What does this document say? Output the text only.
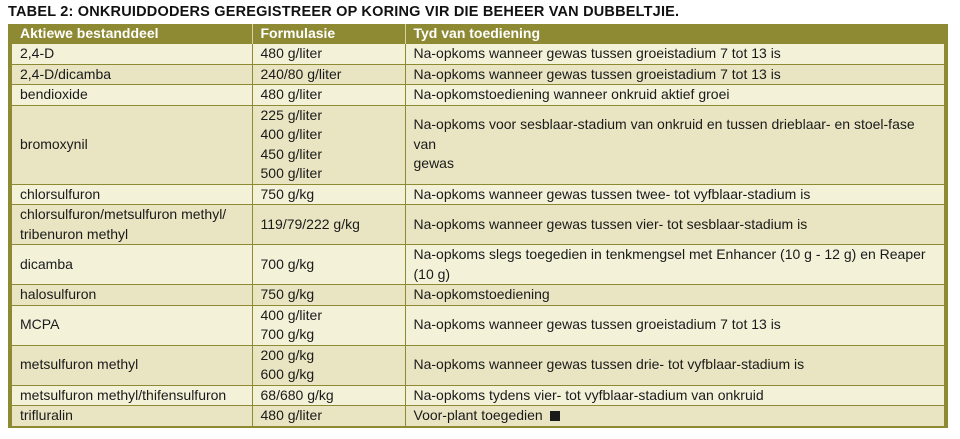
TABEL 2: ONKRUIDDODERS GEREGISTREER OP KORING VIR DIE BEHEER VAN DUBBELTJIE.
Aktiewe bestanddeel	Formulasie	Tyd van toediening

2,4-D	480 g/liter	Na-opkoms wanneer gewas tussen groeistadium 7 tot 13 is

2,4-D/dicamba	240/80 g/liter	Na-opkoms wanneer gewas tussen groeistadium 7 tot 13 is

bendioxide	480 g/liter	Na-opkomstoediening wanneer onkruid aktief groei

bromoxynil	225 g/liter
400 g/liter
450 g/liter
500 g/liter	Na-opkoms voor sesblaar-stadium van onkruid en tussen drieblaar- en stoel-fase van
gewas

chlorsulfuron	750 g/kg	Na-opkoms wanneer gewas tussen twee- tot vyfblaar-stadium is

chlorsulfuron/metsulfuron methyl/
tribenuron methyl	119/79/222 g/kg	Na-opkoms wanneer gewas tussen vier- tot sesblaar-stadium is

dicamba	700 g/kg	Na-opkoms slegs toegedien in tenkmengsel met Enhancer (10 g - 12 g) en Reaper (10 g)

halosulfuron	750 g/kg	Na-opkomstoediening

MCPA	400 g/liter
700 g/kg	Na-opkoms wanneer gewas tussen groeistadium 7 tot 13 is

metsulfuron methyl	200 g/kg
600 g/kg	Na-opkoms wanneer gewas tussen drie- tot vyfblaar-stadium is

metsulfuron methyl/thifensulfuron	68/680 g/kg	Na-opkoms tydens vier- tot vyfblaar-stadium van onkruid

trifluralin	480 g/liter	Voor-plant toegedien
